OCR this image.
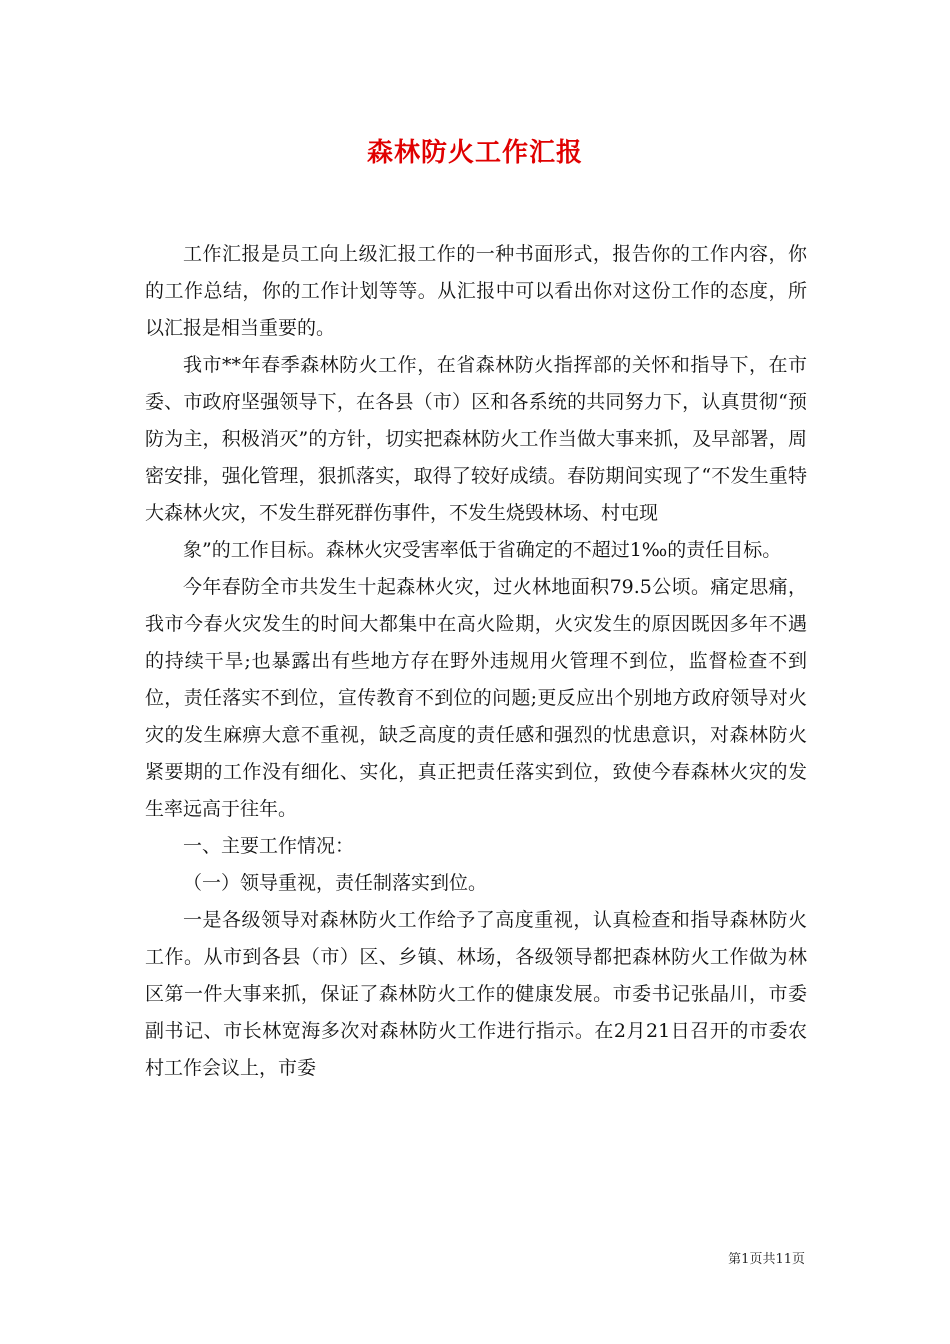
森林防火工作汇报

工作汇报是员工向上级汇报工作的一种书面形式，报告你的工作内容，你的工作总结，你的工作计划等等。从汇报中可以看出你对这份工作的态度，所以汇报是相当重要的。

我市**年春季森林防火工作，在省森林防火指挥部的关怀和指导下，在市委、市政府坚强领导下，在各县（市）区和各系统的共同努力下，认真贯彻“预防为主，积极消灭”的方针，切实把森林防火工作当做大事来抓，及早部署，周密安排，强化管理，狠抓落实，取得了较好成绩。春防期间实现了“不发生重特大森林火灾，不发生群死群伤事件，不发生烧毁林场、村屯现

象”的工作目标。森林火灾受害率低于省确定的不超过1‰的责任目标。

今年春防全市共发生十起森林火灾，过火林地面积79.5公顷。痛定思痛，我市今春火灾发生的时间大都集中在高火险期，火灾发生的原因既因多年不遇的持续干旱;也暴露出有些地方存在野外违规用火管理不到位，监督检查不到位，责任落实不到位，宣传教育不到位的问题;更反应出个别地方政府领导对火灾的发生麻痹大意不重视，缺乏高度的责任感和强烈的忧患意识，对森林防火紧要期的工作没有细化、实化，真正把责任落实到位，致使今春森林火灾的发生率远高于往年。

一、主要工作情况：

（一）领导重视，责任制落实到位。

一是各级领导对森林防火工作给予了高度重视，认真检查和指导森林防火工作。从市到各县（市）区、乡镇、林场，各级领导都把森林防火工作做为林区第一件大事来抓，保证了森林防火工作的健康发展。市委书记张晶川，市委副书记、市长林宽海多次对森林防火工作进行指示。在2月21日召开的市委农村工作会议上，市委

第1页共11页
